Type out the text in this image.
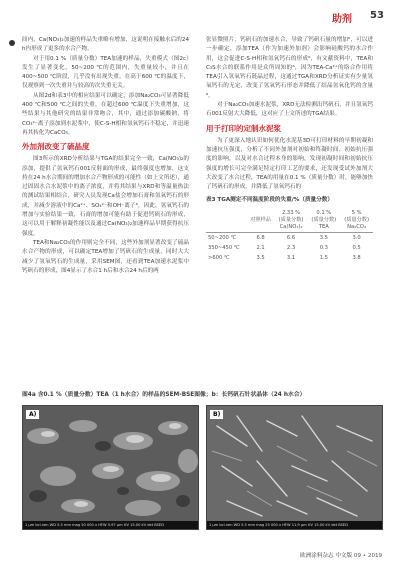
助剂 53

间内，Ca(NO₃)₂加速的样品失重略有增加，这说明在接触水后的24 h内形成了更多的水合产物。

对于用0.1 %（质量分数）TEA加速的样品，失重模式（图2c）发生了显著变化，50~200 ℃的范围内，失重量较小，并且在400~500 ℃阶段，几乎没有出现失重。在高于600 ℃的温度下，仅观察到一次失重并与较高的次失重无关。

从图2d和表3中的相应结果可以确定，添加Na₂CO₃可显著降低400 ℃和500 ℃之间的失重。在超过600 ℃温度下失重增加，这些结果与其他研究的结果非常吻合，其中，通过添加碳酸钠，将CO₃²⁻离子添加到水泥浆中，使C-S-H相和氢氧钙石不稳定，并迅速再其转化为CaCO₃。

外加剂改变了硫晶度

图3所示的XRD分析结果与TGA的结果完全一致，Ca(NO₃)₂的添加，提供了氢氧钙石001反射面的形成，最终强度也增加，这支持在24 h水合期间的增加水合产物形成的可能性（如上文所述），通过固固水合水泥浆中的离子浓度，并将其结果与XRD和等温量热法的测试结果相结合，研究人员发现Ca盐会增加石膏和氢氧钙石的形成，并减少溶液中的Ca²⁺、SO₄²⁻和OH⁻离子⁶，因此，氢氧钙石的增加与实验结果一致，石膏的增加可能有助于促进钙矾石的形成，这可以用于解释初凝性能以及通过Ca(NO₃)₂加速样品早期获得抗压强度。

TEA和Na₂CO₃的作用则完全不同，这些外加剂显著改变了硫晶水合产物的形成，可以确定TEA增加了钙矾石的生成量，同时大大减少了氢氧钙石的生成量，采用SEM图，还看到TEA加速水泥浆中钙矾石的形成，图4显示了水合1 h后和水合24 h后的两

张显微照片，钙矾石的加速水合，导致了钙矾石量的增加⁶，可以进一步确定，添加TEA（作为加速外加剂）会影响硅酸钙的水合作用，这会促进C-S-H相和氢氧钙石的形成⁶，有文献资料中，TEA和C₃S水合的联系作用是众所周知的⁶，因为TEA-Ca²⁺的络合作用将TEA引入氢氧钙石链晶过程，这通过TGA和XRD分析证实有少量氢氧钙石的无定，改变了氢氧钙石形态并降低了结晶氢氧化钙的含量⁶。

对于Na₂CO₃加速水泥浆，XRD无法检测出钙矾石，并且氢氧钙石001反射大大降低，这对应了上文所述的TGA结果。

用于打印的定制水泥浆

为了更深入地认识如何优化水泥基3D可打印材料的早期初凝和加速抗压强度，分析了不同外加剂对初始和终凝时间、初始抗压强度的影响，以及对水合过程本身的影响，发现初凝时间和初始抗压强度的增长可完全满足特定打印工艺的要求，还发现受试外加剂大大改变了水合过程，TEA的用量在0.1 %（质量分数）时，能够加快了钙矾石的形成，并降低了氢氧钙石的

表3 TGA测定不同温度阶段的失重/%（质量分数）
	对照样品	2.33 %
(质量分数)
Ca(NO₃)₂	0.1 %
(质量分数)
TEA	5 %
(质量分数)
Na₂CO₃
50~200 ℃	6.8	6.6	3.5	3.0
350~450 ℃	2.1	2.3	0.3	0.5
>600 ℃	3.5	3.1	1.5	3.8
图4a 含0.1 %（质量分数）TEA（1 h水合）的样品的SEM-BSE图像；b：长钙矾石针状晶体（24 h水合）
A)
1 µm bcl.nen WD 5.5 mm mag 50 000 x HFW 5.97 µm HV 15.00 kV det BSED
B)
1 µm bcl.nen WD 5.5 mm mag 25 000 x HFW 11.9 µm HV 15.00 kV det BSED
欧洲涂料杂志 中文版 09 • 2019
